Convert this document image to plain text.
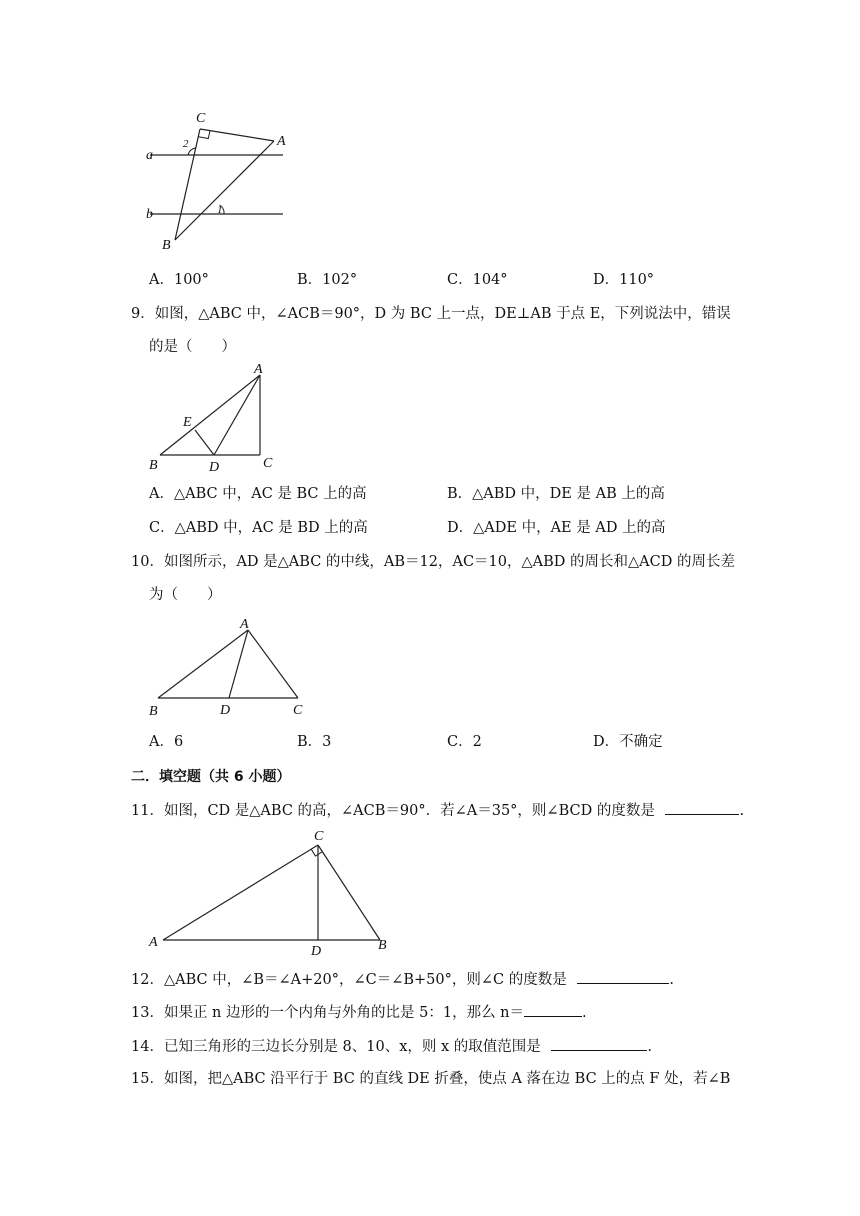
C
A
a
b
B
2
1
A．100°	B．102°	C．104°	D．110°
9．如图，△ABC 中，∠ACB＝90°，D 为 BC 上一点，DE⊥AB 于点 E，下列说法中，错误
的是（　　）
A
E
B	D	C
A．△ABC 中，AC 是 BC 上的高	B．△ABD 中，DE 是 AB 上的高
C．△ABD 中，AC 是 BD 上的高	D．△ADE 中，AE 是 AD 上的高
10．如图所示，AD 是△ABC 的中线，AB＝12，AC＝10，△ABD 的周长和△ACD 的周长差
为（　　）
A
B	D	C
A．6	B．3	C．2	D．不确定
二．填空题（共 6 小题）
11．如图，CD 是△ABC 的高，∠ACB＝90°．若∠A＝35°，则∠BCD 的度数是	.
C
A
D	B
12．△ABC 中，∠B＝∠A+20°，∠C＝∠B+50°，则∠C 的度数是	.
13．如果正 n 边形的一个内角与外角的比是 5：1，那么 n＝	.
14．已知三角形的三边长分别是 8、10、x，则 x 的取值范围是	.
15．如图，把△ABC 沿平行于 BC 的直线 DE 折叠，使点 A 落在边 BC 上的点 F 处，若∠B
